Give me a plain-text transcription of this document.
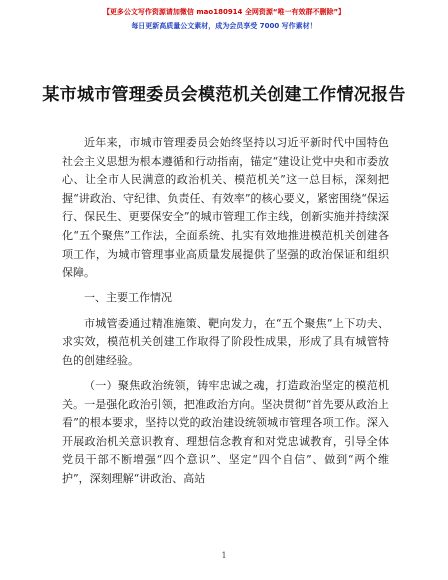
【更多公文写作资源请加微信 mao180914 全网资源“唯一有效群不删除”】
每日更新高质量公文素材，成为会员享受 7000 写作素材！
某市城市管理委员会模范机关创建工作情况报告

近年来，市城市管理委员会始终坚持以习近平新时代中国特色社会主义思想为根本遵循和行动指南，锚定“建设让党中央和市委放心、让全市人民满意的政治机关、模范机关”这一总目标，深刻把握“讲政治、守纪律、负责任、有效率”的核心要义，紧密围绕“保运行、保民生、更要保安全”的城市管理工作主线，创新实施并持续深化“五个聚焦”工作法，全面系统、扎实有效地推进模范机关创建各项工作，为城市管理事业高质量发展提供了坚强的政治保证和组织保障。

一、主要工作情况

市城管委通过精准施策、靶向发力，在“五个聚焦”上下功夫、求实效，模范机关创建工作取得了阶段性成果，形成了具有城管特色的创建经验。

（一）聚焦政治统领，铸牢忠诚之魂，打造政治坚定的模范机关。一是强化政治引领，把准政治方向。坚决贯彻“首先要从政治上看”的根本要求，坚持以党的政治建设统领城市管理各项工作。深入开展政治机关意识教育、理想信念教育和对党忠诚教育，引导全体党员干部不断增强“四个意识”、坚定“四个自信”、做到“两个维护”，深刻理解“讲政治、高站

1
